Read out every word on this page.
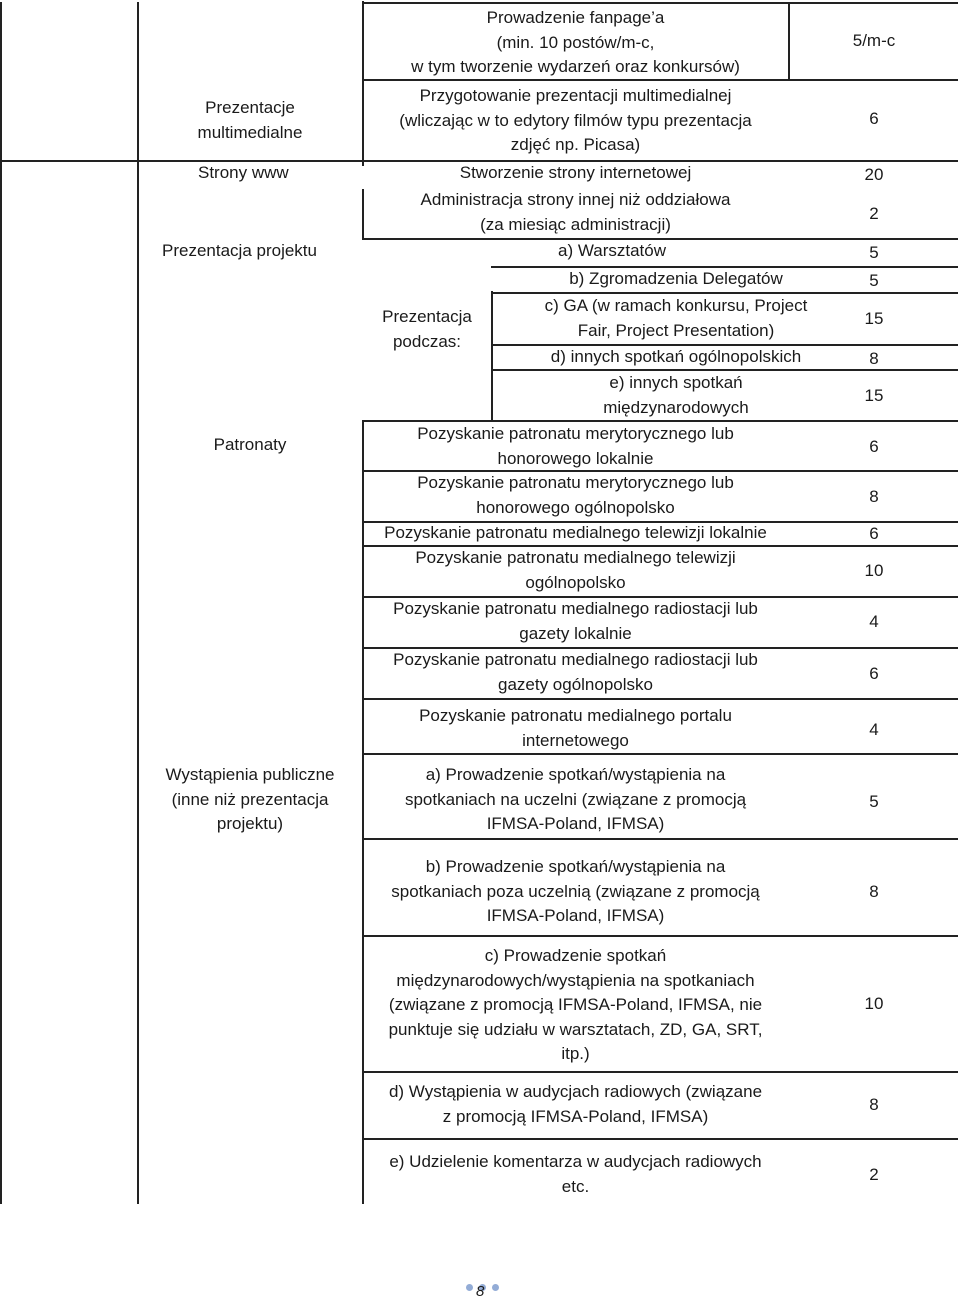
Prezentacje
multimedialne
Strony www
Prezentacja projektu
Patronaty
Wystąpienia publiczne
(inne niż prezentacja
projektu)
Prezentacja
podczas:
Prowadzenie fanpage’a
(min. 10 postów/m-c,
w tym tworzenie wydarzeń oraz konkursów)
Przygotowanie prezentacji multimedialnej
(wliczając w to edytory filmów typu prezentacja
zdjęć np. Picasa)
Stworzenie strony internetowej
Administracja strony innej niż oddziałowa
(za miesiąc administracji)
a) Warsztatów
b) Zgromadzenia Delegatów
c) GA (w ramach konkursu, Project
Fair, Project Presentation)
d) innych spotkań ogólnopolskich
e) innych spotkań
międzynarodowych
Pozyskanie patronatu merytorycznego lub
honorowego lokalnie
Pozyskanie patronatu merytorycznego lub
honorowego ogólnopolsko
Pozyskanie patronatu medialnego telewizji lokalnie
Pozyskanie patronatu medialnego telewizji
ogólnopolsko
Pozyskanie patronatu medialnego radiostacji lub
gazety lokalnie
Pozyskanie patronatu medialnego radiostacji lub
gazety ogólnopolsko
Pozyskanie patronatu medialnego portalu
internetowego
a) Prowadzenie spotkań/wystąpienia na
spotkaniach na uczelni (związane z promocją
IFMSA-Poland, IFMSA)
b) Prowadzenie spotkań/wystąpienia na
spotkaniach poza uczelnią (związane z promocją
IFMSA-Poland, IFMSA)
c) Prowadzenie spotkań
międzynarodowych/wystąpienia na spotkaniach
(związane z promocją IFMSA-Poland, IFMSA, nie
punktuje się udziału w warsztatach, ZD, GA, SRT,
itp.)
d) Wystąpienia w audycjach radiowych (związane
z promocją IFMSA-Poland, IFMSA)
e) Udzielenie komentarza w audycjach radiowych
etc.
5/m-c
6
20
2
5
5
15
8
15
6
8
6
10
4
6
4
5
8
10
8
2
8
